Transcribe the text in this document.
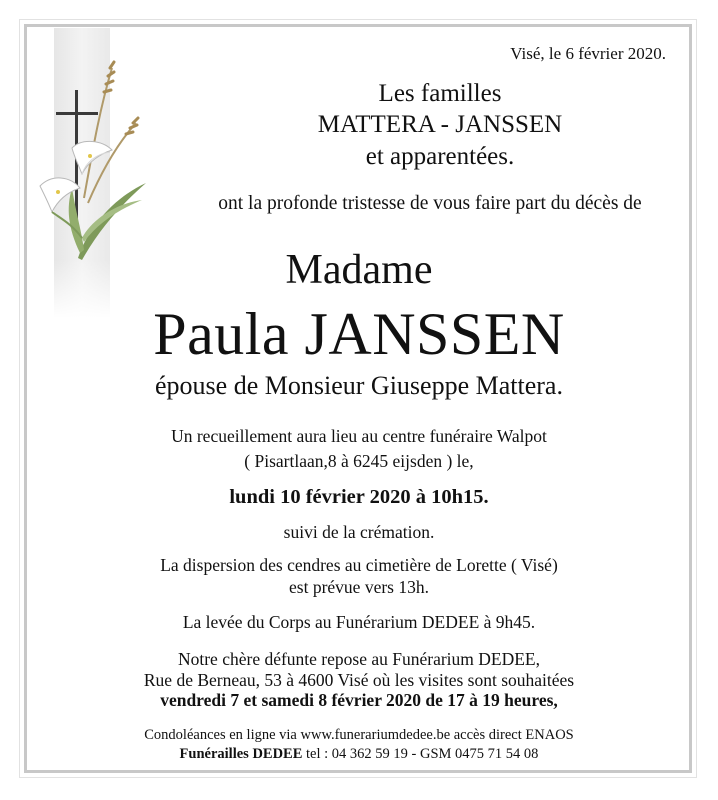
Visé, le 6 février 2020.
Les familles
MATTERA - JANSSEN
et apparentées.
ont la profonde tristesse de vous faire part du décès de
Madame
Paula JANSSEN
épouse de Monsieur Giuseppe Mattera.
Un recueillement aura lieu au centre funéraire Walpot
( Pisartlaan,8 à 6245 eijsden ) le,
lundi 10 février 2020 à 10h15.
suivi de la crémation.
La dispersion des cendres au cimetière de Lorette ( Visé)
est prévue vers 13h.
La levée du Corps au Funérarium DEDEE à 9h45.
Notre chère défunte repose au Funérarium DEDEE,
Rue de Berneau, 53 à 4600 Visé où les visites sont souhaitées
vendredi 7 et samedi 8 février 2020 de 17 à 19 heures,
Condoléances en ligne via www.funerariumdedee.be accès direct ENAOS
Funérailles DEDEE tel : 04 362 59 19 - GSM 0475 71 54 08
